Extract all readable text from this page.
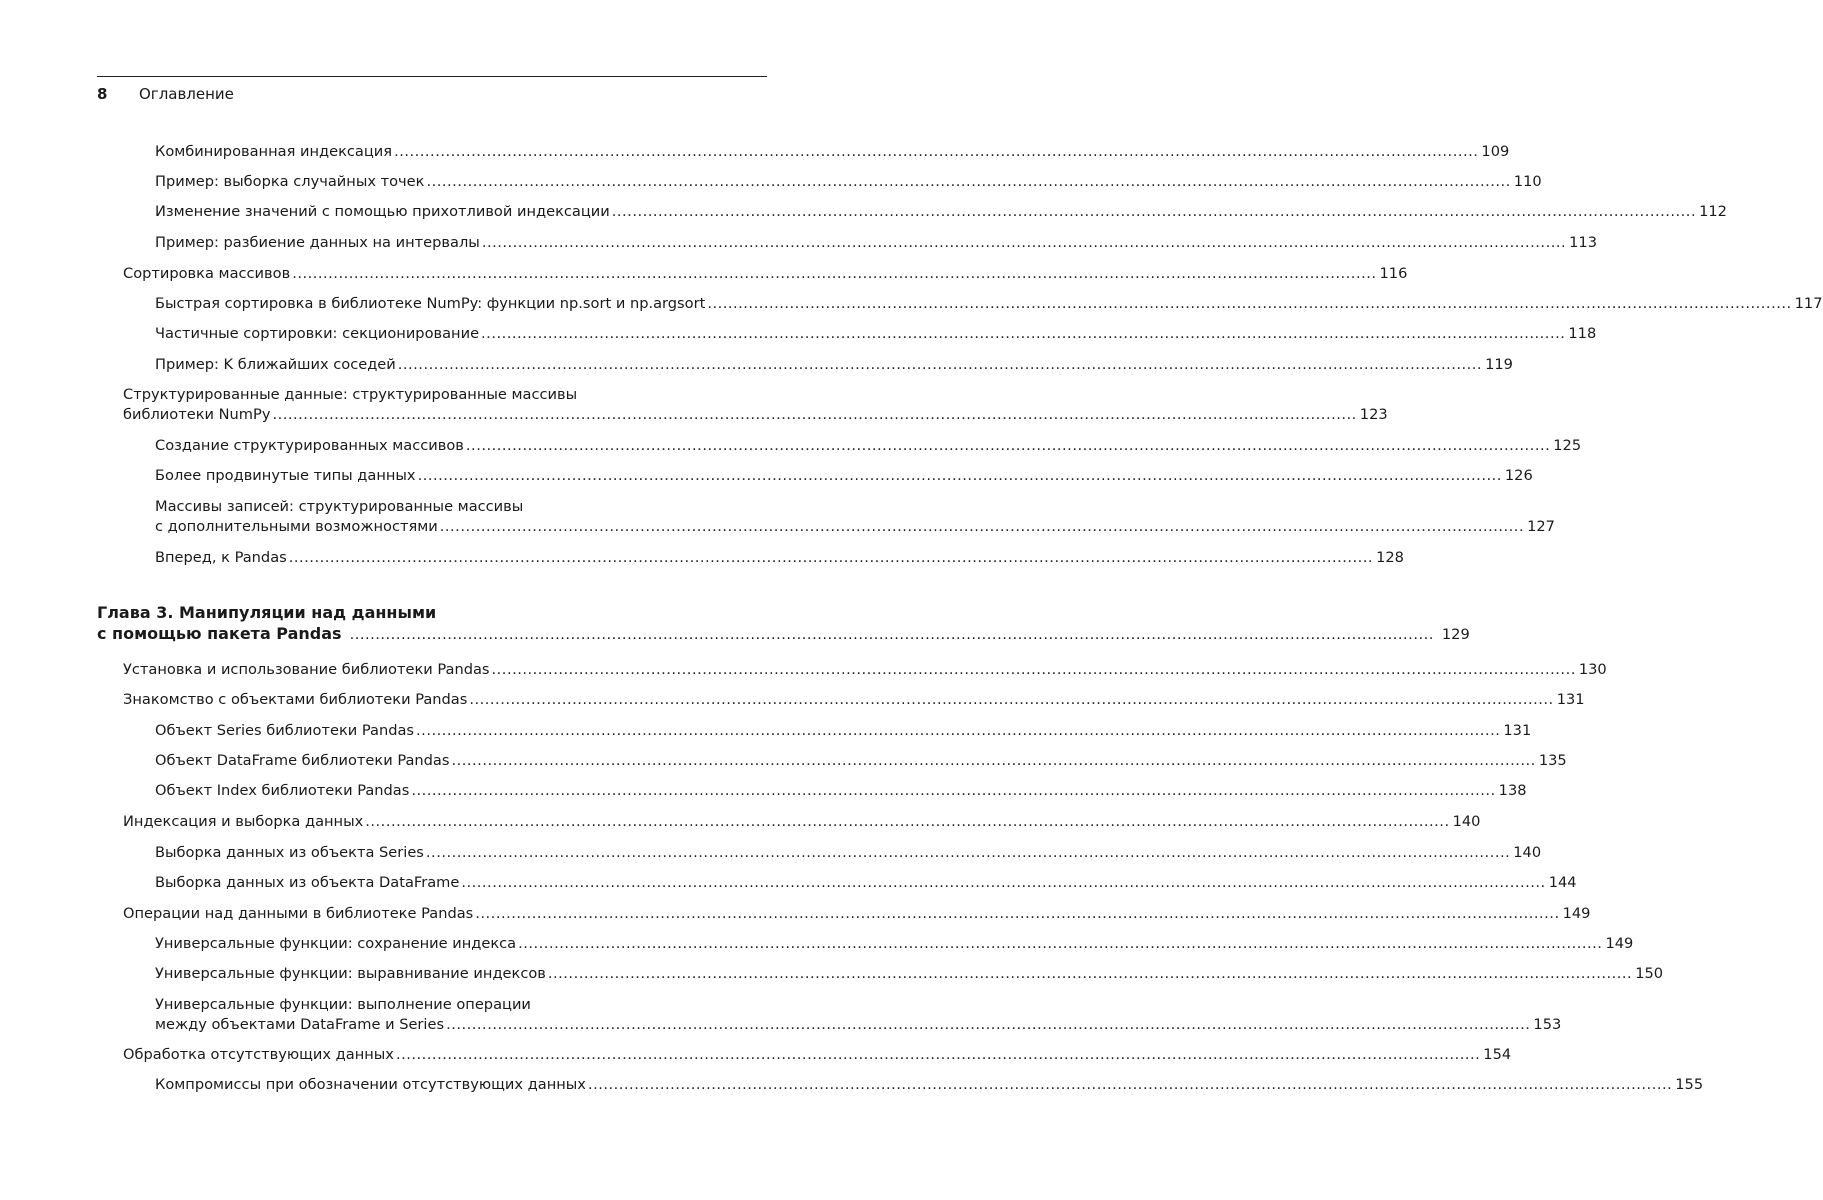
8 Оглавление
Комбинированная индексация .....	109
Пример: выборка случайных точек .....	110
Изменение значений с помощью прихотливой индексации .....	112
Пример: разбиение данных на интервалы .....	113
Сортировка массивов .....	116
Быстрая сортировка в библиотеке NumPy: функции np.sort и np.argsort .....	117
Частичные сортировки: секционирование .....	118
Пример: K ближайших соседей .....	119
Структурированные данные: структурированные массивы
библиотеки NumPy .....	123
Создание структурированных массивов .....	125
Более продвинутые типы данных .....	126
Массивы записей: структурированные массивы
с дополнительными возможностями .....	127
Вперед, к Pandas .....	128
Глава 3. Манипуляции над данными
с помощью пакета Pandas .....	129
Установка и использование библиотеки Pandas .....	130
Знакомство с объектами библиотеки Pandas .....	131
Объект Series библиотеки Pandas .....	131
Объект DataFrame библиотеки Pandas .....	135
Объект Index библиотеки Pandas .....	138
Индексация и выборка данных .....	140
Выборка данных из объекта Series .....	140
Выборка данных из объекта DataFrame .....	144
Операции над данными в библиотеке Pandas .....	149
Универсальные функции: сохранение индекса .....	149
Универсальные функции: выравнивание индексов .....	150
Универсальные функции: выполнение операции
между объектами DataFrame и Series .....	153
Обработка отсутствующих данных .....	154
Компромиссы при обозначении отсутствующих данных .....	155
